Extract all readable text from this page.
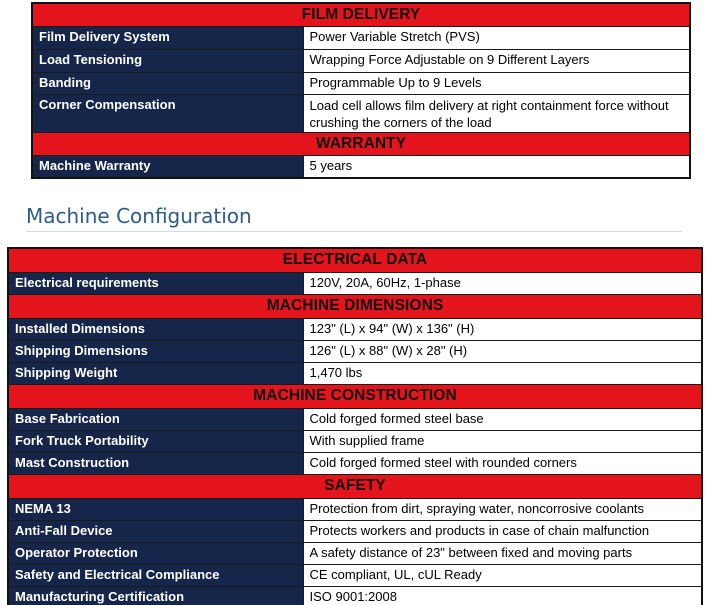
FILM DELIVERY	
Film Delivery System	Power Variable Stretch (PVS)
Load Tensioning	Wrapping Force Adjustable on 9 Different Layers
Banding	Programmable Up to 9 Levels
Corner Compensation	Load cell allows film delivery at right containment force without crushing the corners of the load
WARRANTY	
Machine Warranty	5 years
Machine Configuration
ELECTRICAL DATA	
Electrical requirements	120V, 20A, 60Hz, 1-phase
MACHINE DIMENSIONS	
Installed Dimensions	123" (L) x 94" (W) x 136" (H)
Shipping Dimensions	126" (L) x 88" (W) x 28" (H)
Shipping Weight	1,470 lbs
MACHINE CONSTRUCTION	
Base Fabrication	Cold forged formed steel base
Fork Truck Portability	With supplied frame
Mast Construction	Cold forged formed steel with rounded corners
SAFETY	
NEMA 13	Protection from dirt, spraying water, noncorrosive coolants
Anti-Fall Device	Protects workers and products in case of chain malfunction
Operator Protection	A safety distance of 23" between fixed and moving parts
Safety and Electrical Compliance	CE compliant, UL, cUL Ready
Manufacturing Certification	ISO 9001:2008
